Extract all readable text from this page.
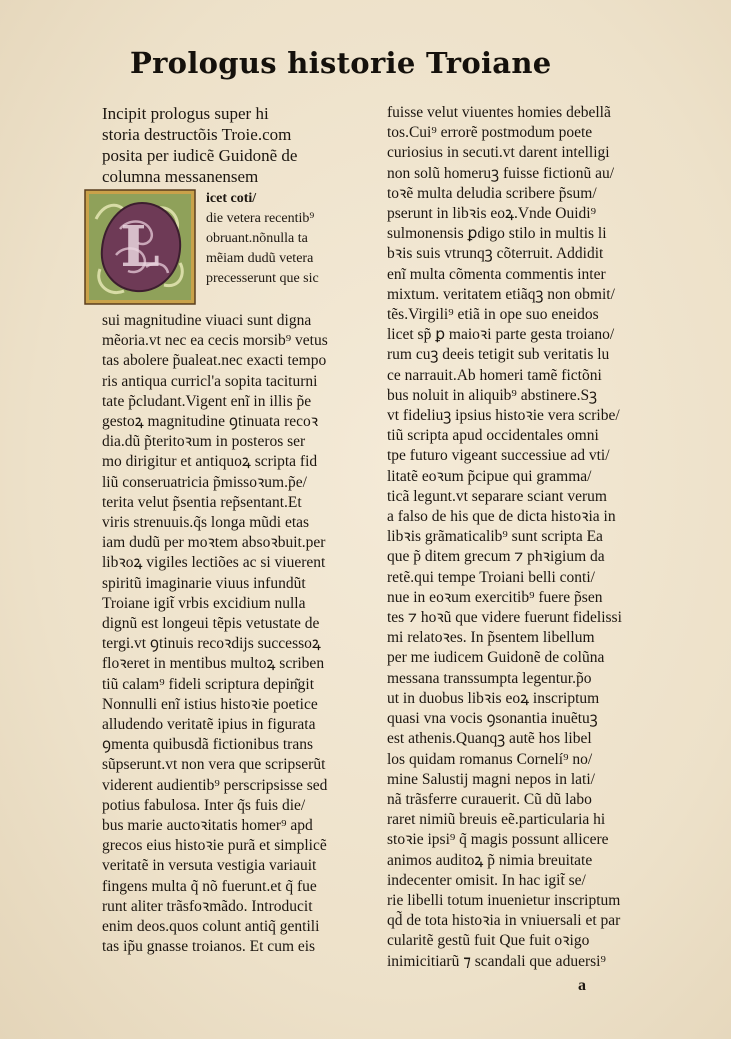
Prologus historie Troiane
Incipit prologus super hi
storia destructõis Troie.com
posita per iudicẽ Guidonẽ de
columna messanensem
L
icet coti/
die vetera recentib⁹
obruant.nõnulla ta
mẽiam dudũ vetera
precesserunt que sic
sui magnitudine viuaci sunt digna
mẽoria.vt nec ea cecis morsib⁹ vetus
tas abolere p̃ualeat.nec exacti tempo
ris antiqua curricl'a sopita taciturni
tate p̃cludant.Vigent enĩ in illis p̃e
gestoꝝ magnitudine ꝯtinuata recoꝛ
dia.dũ p̃teritoꝛum in posteros ser
mo dirigitur et antiquoꝝ scripta fid
liũ conseruatricia p̃missoꝛum.p̃e/
terita velut p̃sentia rep̃sentant.Et
viris strenuuis.q̃s longa mũdi etas
iam dudũ per moꝛtem absoꝛbuit.per
libꝛoꝝ vigiles lectiões ac si viuerent
spiritũ imaginarie viuus infundũt
Troiane igit̃ vrbis excidium nulla
dignũ est longeui tẽpis vetustate de
tergi.vt ꝯtinuis recoꝛdijs successoꝝ
floꝛeret in mentibus multoꝝ scriben
tiũ calam⁹ fideli scriptura depin͂git
Nonnulli enĩ istius histoꝛie poetice
alludendo veritatẽ ipius in figurata
ꝯmenta quibusdã fictionibus trans
sũpserunt.vt non vera que scripserũt
viderent audientib⁹ perscripsisse sed
potius fabulosa. Inter q̃s fuis die/
bus marie auctoꝛitatis homer⁹ apd
grecos eius histoꝛie purã et simplicẽ
veritatẽ in versuta vestigia variauit
fingens multa q̃ nõ fuerunt.et q̃ fue
runt aliter trãsfoꝛmãdo. Introducit
enim deos.quos colunt antiq̃ gentili
tas ip̃u gnasse troianos. Et cum eis
fuisse velut viuentes homies debellã
tos.Cui⁹ errorẽ postmodum poete
curiosius in secuti.vt darent intelligi
non solũ homeruꝫ fuisse fictionũ au/
toꝛẽ multa deludia scribere p̃sum/
pserunt in libꝛis eoꝝ.Vnde Ouidi⁹
sulmonensis ꝑdigo stilo in multis li
bꝛis suis vtrunqꝫ cõterruit. Addidit
enĩ multa cõmenta commentis inter
mixtum. veritatem etiãqꝫ non obmit/
tẽs.Virgili⁹ etiã in ope suo eneidos
licet sp̃ ꝑ maioꝛi parte gesta troiano/
rum cuꝫ deeis tetigit sub veritatis lu
ce narrauit.Ab homeri tamẽ fictõni
bus noluit in aliquib⁹ abstinere.Sꝫ
vt fideliuꝫ ipsius histoꝛie vera scribe/
tiũ scripta apud occidentales omni
tpe futuro vigeant successiue ad vti/
litatẽ eoꝛum p̃cipue qui gramma/
ticã legunt.vt separare sciant verum
a falso de his que de dicta histoꝛia in
libꝛis grãmaticalib⁹ sunt scripta Ea
que p̃ ditem grecum ⁊ phꝛigium da
retẽ.qui tempe Troiani belli conti/
nue in eoꝛum exercitib⁹ fuere p̃sen
tes ⁊ hoꝛũ que videre fuerunt fidelissi
mi relatoꝛes. In p̃sentem libellum
per me iudicem Guidonẽ de colũna
messana transsumpta legentur.p̃o
ut in duobus libꝛis eoꝝ inscriptum
quasi vna vocis ꝯsonantia inuẽtuꝫ
est athenis.Quanqꝫ autẽ hos libel
los quidam romanus Cornelí⁹ no/
mine Salustij magni nepos in lati/
nã trãsferre curauerit. Cũ dũ labo
raret nimiũ breuis eẽ.particularia hi
stoꝛie ipsi⁹ q̃ magis possunt allicere
animos auditoꝝ p̃ nimia breuitate
indecenter omisit. In hac igit̃ se/
rie libelli totum inuenietur inscriptum
qd̃ de tota histoꝛia in vniuersali et par
cularitẽ gestũ fuit Que fuit oꝛigo
inimicitiarũ ⁊ scandali que aduersi⁹
a
